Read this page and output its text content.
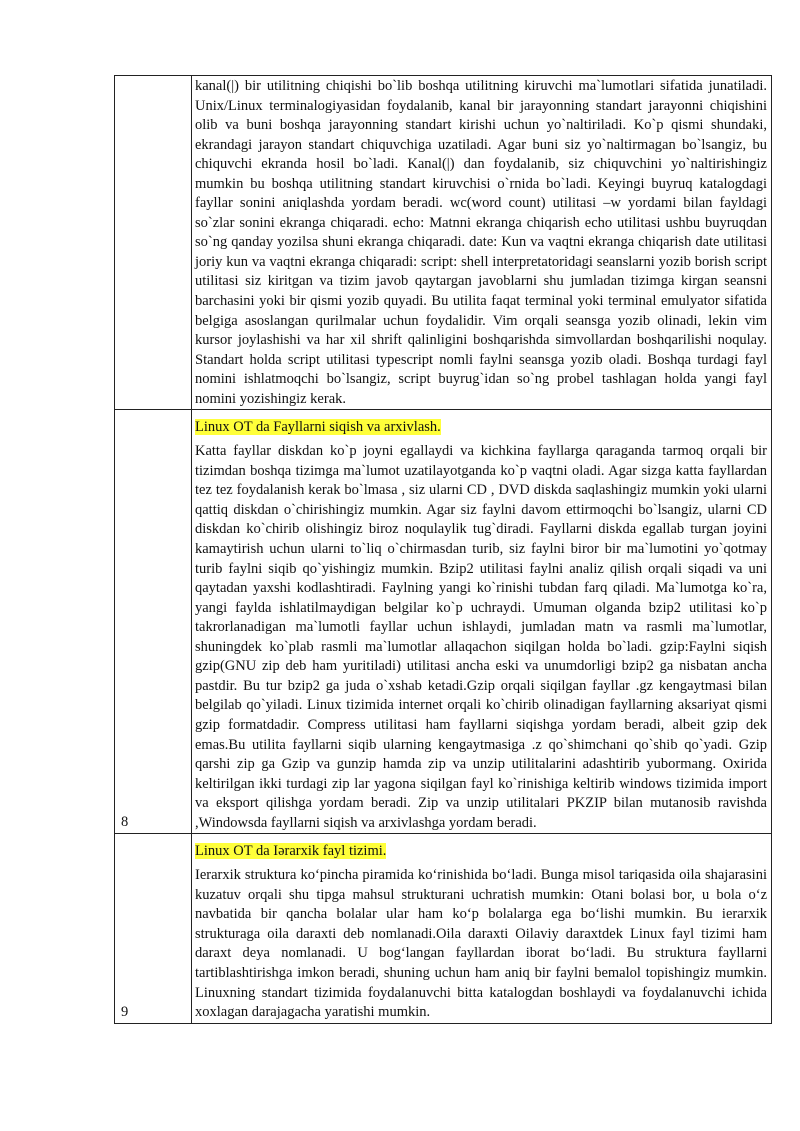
	kanal(|) bir utilitning chiqishi bo`lib boshqa utilitning kiruvchi ma`lumotlari sifatida junatiladi. Unix/Linux terminalogiyasidan foydalanib, kanal bir jarayonning standart jarayonni chiqishini olib va buni boshqa jarayonning standart kirishi uchun yo`naltiriladi. Ko`p qismi shundaki, ekrandagi jarayon standart chiquvchiga uzatiladi. Agar buni siz yo`naltirmagan bo`lsangiz, bu chiquvchi ekranda hosil bo`ladi. Kanal(|) dan foydalanib, siz chiquvchini yo`naltirishingiz mumkin bu boshqa utilitning standart kiruvchisi o`rnida bo`ladi. Keyingi buyruq katalogdagi fayllar sonini aniqlashda yordam beradi. wc(word count) utilitasi –w yordami bilan fayldagi so`zlar sonini ekranga chiqaradi. echo: Matnni ekranga chiqarish echo utilitasi ushbu buyruqdan so`ng qanday yozilsa shuni ekranga chiqaradi. date: Kun va vaqtni ekranga chiqarish date utilitasi joriy kun va vaqtni ekranga chiqaradi: script: shell interpretatoridagi seanslarni yozib borish script utilitasi siz kiritgan va tizim javob qaytargan javoblarni shu jumladan tizimga kirgan seansni barchasini yoki bir qismi yozib quyadi. Bu utilita faqat terminal yoki terminal emulyator sifatida belgiga asoslangan qurilmalar uchun foydalidir. Vim orqali seansga yozib olinadi, lekin vim kursor joylashishi va har xil shrift qalinligini boshqarishda simvollardan boshqarilishi noqulay. Standart holda script utilitasi typescript nomli faylni seansga yozib oladi. Boshqa turdagi fayl nomini ishlatmoqchi bo`lsangiz, script buyrug`idan so`ng probel tashlagan holda yangi fayl nomini yozishingiz kerak.

8	Linux OT da Fayllarni siqish va arxivlash.

Katta fayllar diskdan ko`p joyni egallaydi va kichkina fayllarga qaraganda tarmoq orqali bir tizimdan boshqa tizimga ma`lumot uzatilayotganda ko`p vaqtni oladi. Agar sizga katta fayllardan tez tez foydalanish kerak bo`lmasa , siz ularni CD , DVD diskda saqlashingiz mumkin yoki ularni qattiq diskdan o`chirishingiz mumkin. Agar siz faylni davom ettirmoqchi bo`lsangiz, ularni CD diskdan ko`chirib olishingiz biroz noqulaylik tug`diradi. Fayllarni diskda egallab turgan joyini kamaytirish uchun ularni to`liq o`chirmasdan turib, siz faylni biror bir ma`lumotini yo`qotmay turib faylni siqib qo`yishingiz mumkin. Bzip2 utilitasi faylni analiz qilish orqali siqadi va uni qaytadan yaxshi kodlashtiradi. Faylning yangi ko`rinishi tubdan farq qiladi. Ma`lumotga ko`ra, yangi faylda ishlatilmaydigan belgilar ko`p uchraydi. Umuman olganda bzip2 utilitasi ko`p takrorlanadigan ma`lumotli fayllar uchun ishlaydi, jumladan matn va rasmli ma`lumotlar, shuningdek ko`plab rasmli ma`lumotlar allaqachon siqilgan holda bo`ladi. gzip:Faylni siqish gzip(GNU zip deb ham yuritiladi) utilitasi ancha eski va unumdorligi bzip2 ga nisbatan ancha pastdir. Bu tur bzip2 ga juda o`xshab ketadi.Gzip orqali siqilgan fayllar .gz kengaytmasi bilan belgilab qo`yiladi. Linux tizimida internet orqali ko`chirib olinadigan fayllarning aksariyat qismi gzip formatdadir. Compress utilitasi ham fayllarni siqishga yordam beradi, albeit gzip dek emas.Bu utilita fayllarni siqib ularning kengaytmasiga .z qo`shimchani qo`shib qo`yadi. Gzip qarshi zip ga Gzip va gunzip hamda zip va unzip utilitalarini adashtirib yubormang. Oxirida keltirilgan ikki turdagi zip lar yagona siqilgan fayl ko`rinishiga keltirib windows tizimida import va eksport qilishga yordam beradi. Zip va unzip utilitalari PKZIP bilan mutanosib ravishda ,Windowsda fayllarni siqish va arxivlashga yordam beradi.

9	Linux OT da Iərarxik fayl tizimi.

Iеrarxik struktura ko‘pincha piramida ko‘rinishida bo‘ladi. Bunga misol tariqasida oila shajarasini kuzatuv orqali shu tipga mahsul strukturani uchratish mumkin: Otani bolasi bor, u bola o‘z navbatida bir qancha bolalar ular ham ko‘p bolalarga ega bo‘lishi mumkin. Bu iеrarxik strukturaga oila daraxti deb nomlanadi.Oila daraxti Oilaviy daraxtdek Linux fayl tizimi ham daraxt deya nomlanadi. U bog‘langan fayllardan iborat bo‘ladi. Bu struktura fayllarni tartiblashtirishga imkon beradi, shuning uchun ham aniq bir faylni bemalol topishingiz mumkin. Linuxning standart tizimida foydalanuvchi bitta katalogdan boshlaydi va foydalanuvchi ichida xoxlagan darajagacha yaratishi mumkin.
